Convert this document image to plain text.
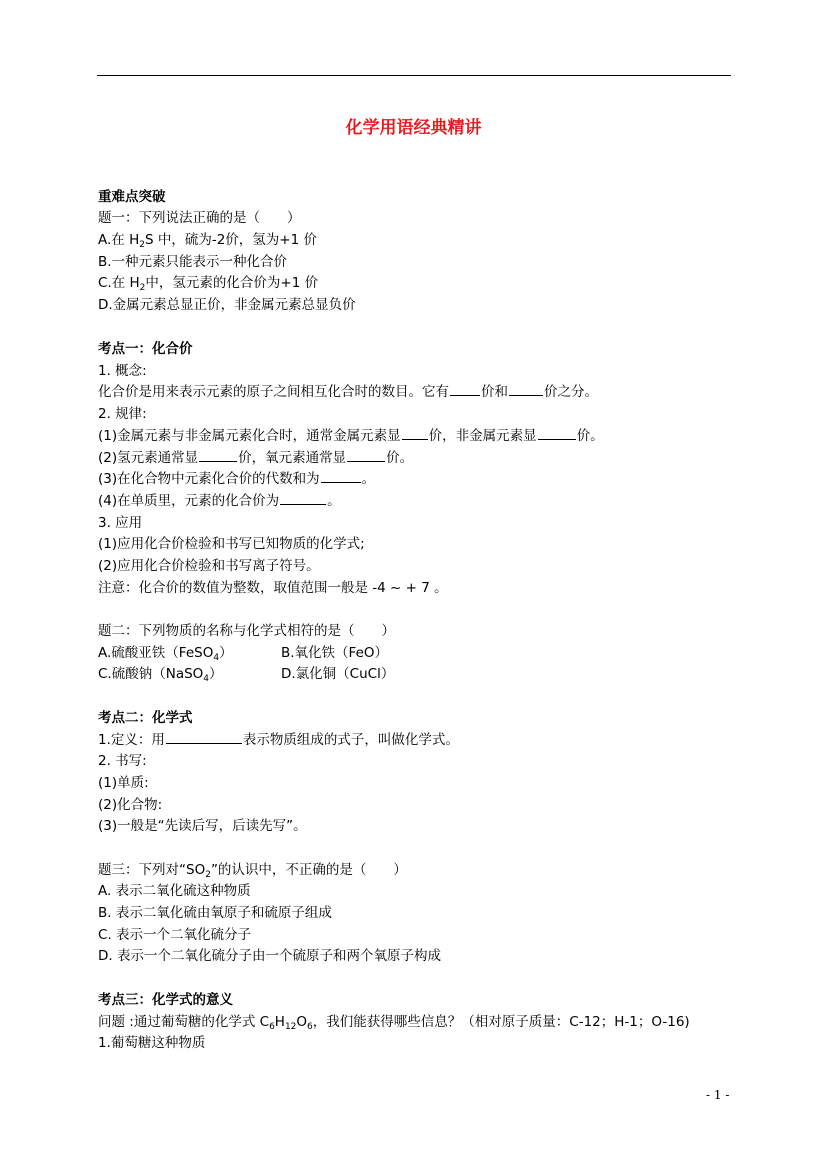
化学用语经典精讲
重难点突破
题一：下列说法正确的是（　　）
A.在 $H_2S$ 中，硫为-2价，氢为+1 价
B.一种元素只能表示一种化合价
C.在 $H_2$中，氢元素的化合价为+1 价
D.金属元素总显正价，非金属元素总显负价
考点一：化合价
1. 概念:
化合价是用来表示元素的原子之间相互化合时的数目。它有 价和	价之分。
2. 规律:
(1)金属元素与非金属元素化合时，通常金属元素显 价，非金属元素显	价。
(2)氢元素通常显	价，氧元素通常显	价。
(3)在化合物中元素化合价的代数和为	。
(4)在单质里，元素的化合价为	。
3. 应用
(1)应用化合价检验和书写已知物质的化学式;
(2)应用化合价检验和书写离子符号。
注意：化合价的数值为整数，取值范围一般是 -4 ~ + 7 。
题二：下列物质的名称与化学式相符的是（　　）
A.硫酸亚铁（FeSO$_4$）	B.氧化铁（FeO）
C.硫酸钠（NaSO$_4$）	D.氯化铜（CuCl）
考点二：化学式
1.定义：用	表示物质组成的式子，叫做化学式。
2. 书写:
(1)单质:
(2)化合物:
(3)一般是“先读后写，后读先写”。
题三：下列对“$SO_2$”的认识中，不正确的是（　　）
A. 表示二氧化硫这种物质
B. 表示二氧化硫由氧原子和硫原子组成
C. 表示一个二氧化硫分子
D. 表示一个二氧化硫分子由一个硫原子和两个氧原子构成
考点三：化学式的意义
问题 :通过葡萄糖的化学式 $C_6H_{12}O_6$，我们能获得哪些信息？（相对原子质量：C-12；H-1；O-16)
1.葡萄糖这种物质
- 1 -
